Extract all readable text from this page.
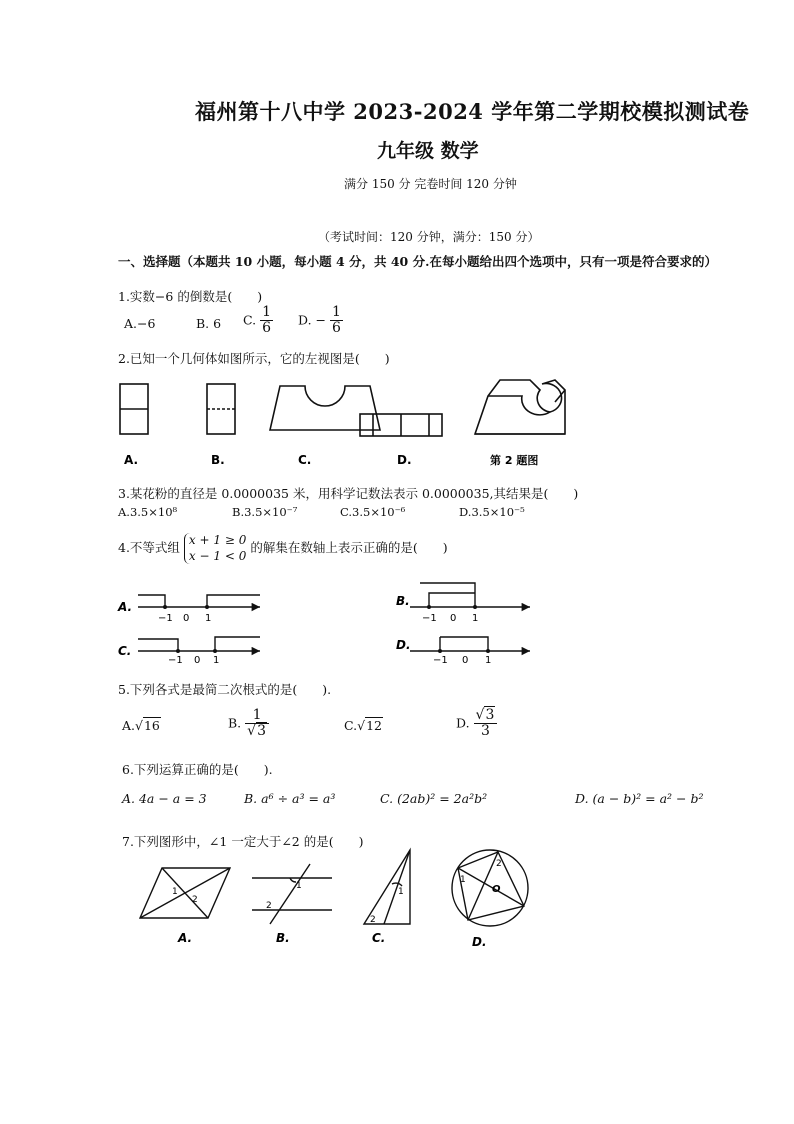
福州第十八中学 2023-2024 学年第二学期校模拟测试卷
九年级 数学
满分 150 分 完卷时间 120 分钟
（考试时间：120 分钟，满分：150 分）
一、选择题（本题共 10 小题，每小题 4 分，共 40 分.在每小题给出四个选项中，只有一项是符合要求的）
1.实数−6 的倒数是(　　)
A.−6	B. 6 C. $\frac{1}{6} D$. − $\frac{1}{6}$
2.已知一个几何体如图所示，它的左视图是(　　)
A.	B.	C.	D.	第 2 题图
3.某花粉的直径是 0.0000035 米，用科学记数法表示 0.0000035,其结果是(　　)
A.3.5×10⁸	B.3.5×10⁻⁷	C.3.5×10⁻⁶	D.3.5×10⁻⁵
4.不等式组
x + 1 ≥ 0
x − 1 < 0
的解集在数轴上表示正确的是(　　)
A.
−1 0 1
B.
−1 0 1
C.
−1 0 1
D.
−1 0 1
5.下列各式是最简二次根式的是(　　).
A.√16	B. $\frac{1}{√3}$	C.√12	D. $\frac{√3}{3}$
6.下列运算正确的是(　　).
A. 4a − a = 3	B. a⁶ ÷ a³ = a³	C. (2ab)² = 2a²b²	D. (a − b)² = a² − b²
7.下列图形中，∠1 一定大于∠2 的是(　　)
1
2
A.
1
2
B.
1
2
C.
1
2
O
D.
